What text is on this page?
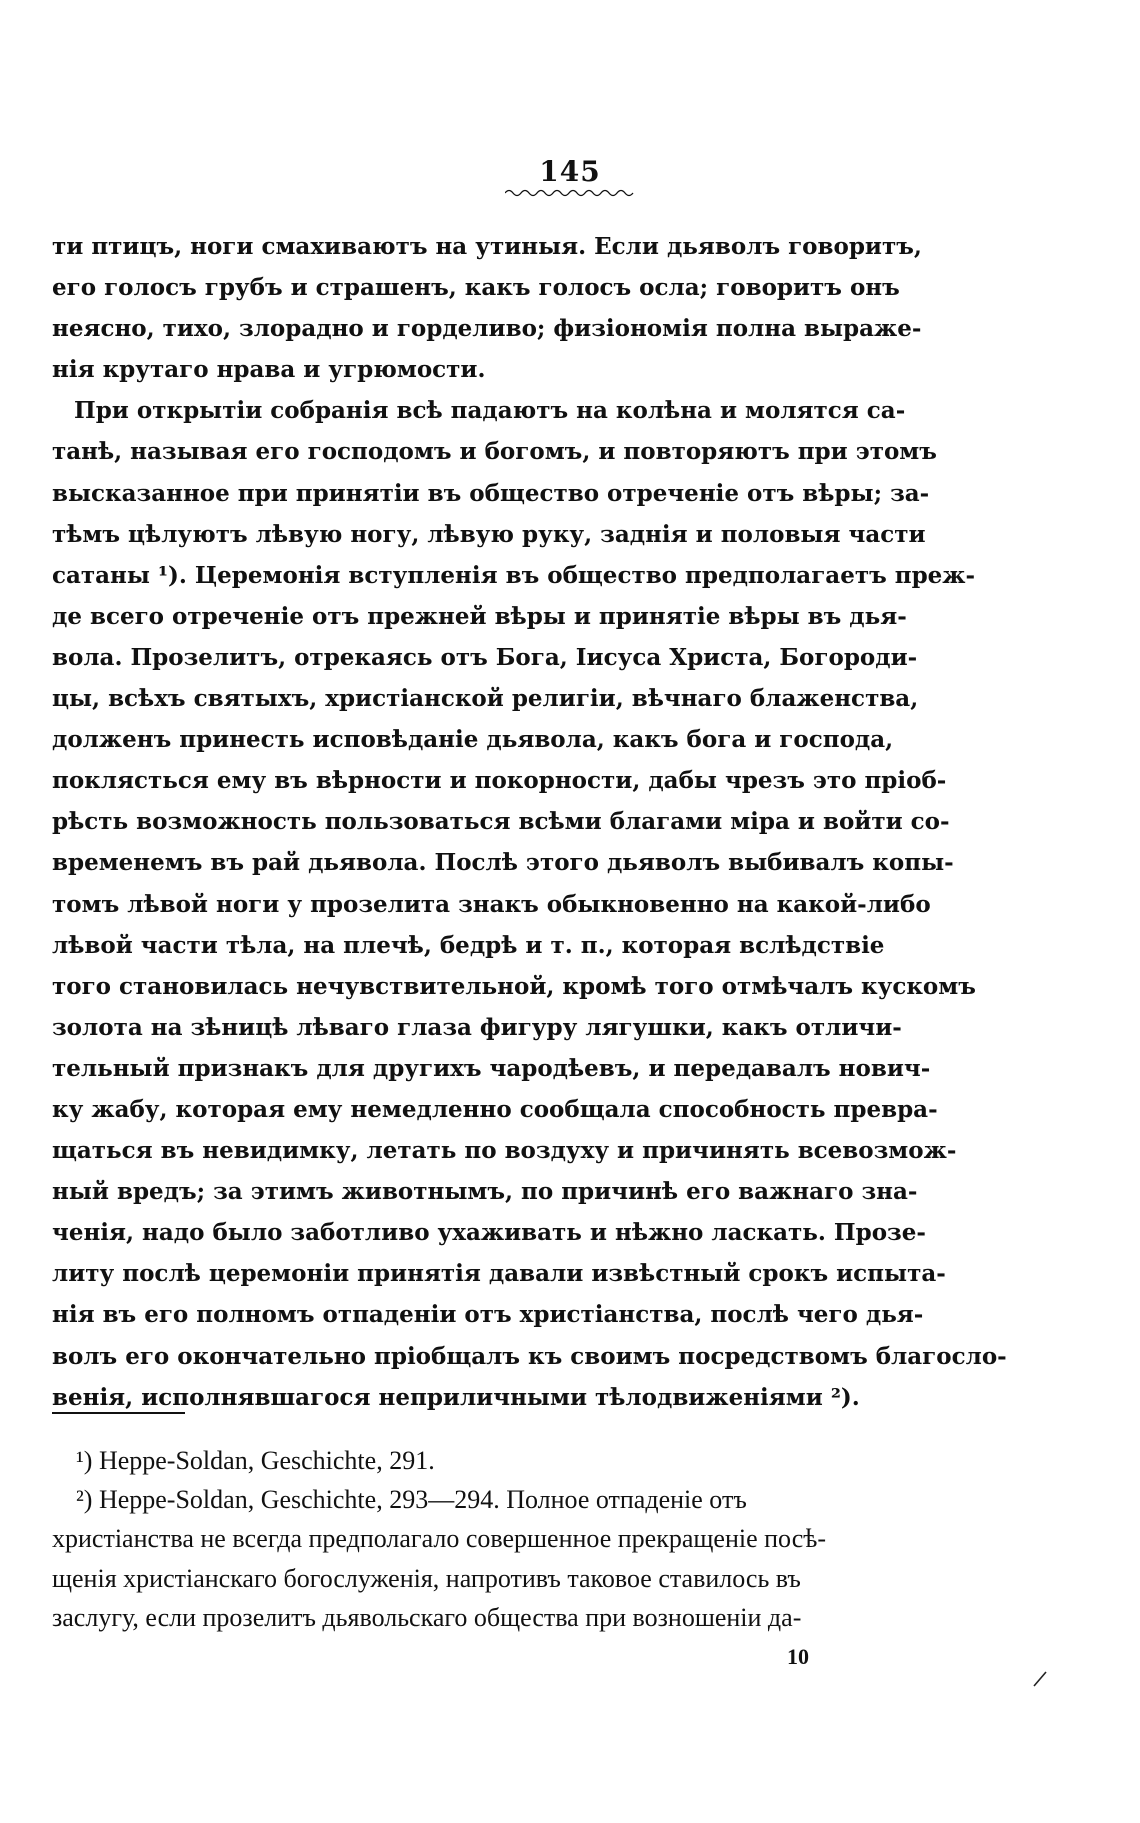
145
ти птицъ, ноги смахиваютъ на утиныя. Если дьяволъ говоритъ,
его голосъ грубъ и страшенъ, какъ голосъ осла; говоритъ онъ
неясно, тихо, злорадно и горделиво; физіономія полна выраже-
нія крутаго нрава и угрюмости.
При открытіи собранія всѣ падаютъ на колѣна и молятся са-
танѣ, называя его господомъ и богомъ, и повторяютъ при этомъ
высказанное при принятіи въ общество отреченіе отъ вѣры; за-
тѣмъ цѣлуютъ лѣвую ногу, лѣвую руку, заднія и половыя части
сатаны ¹). Церемонія вступленія въ общество предполагаетъ преж-
де всего отреченіе отъ прежней вѣры и принятіе вѣры въ дья-
вола. Прозелитъ, отрекаясь отъ Бога, Іисуса Христа, Богороди-
цы, всѣхъ святыхъ, христіанской религіи, вѣчнаго блаженства,
долженъ принесть исповѣданіе дьявола, какъ бога и господа,
поклясться ему въ вѣрности и покорности, дабы чрезъ это пріоб-
рѣсть возможность пользоваться всѣми благами міра и войти со-
временемъ въ рай дьявола. Послѣ этого дьяволъ выбивалъ копы-
томъ лѣвой ноги у прозелита знакъ обыкновенно на какой-либо
лѣвой части тѣла, на плечѣ, бедрѣ и т. п., которая вслѣдствіе
того становилась нечувствительной, кромѣ того отмѣчалъ кускомъ
золота на зѣницѣ лѣваго глаза фигуру лягушки, какъ отличи-
тельный признакъ для другихъ чародѣевъ, и передавалъ нович-
ку жабу, которая ему немедленно сообщала способность превра-
щаться въ невидимку, летать по воздуху и причинять всевозмож-
ный вредъ; за этимъ животнымъ, по причинѣ его важнаго зна-
ченія, надо было заботливо ухаживать и нѣжно ласкать. Прозе-
литу послѣ церемоніи принятія давали извѣстный срокъ испыта-
нія въ его полномъ отпаденіи отъ христіанства, послѣ чего дья-
волъ его окончательно пріобщалъ къ своимъ посредствомъ благосло-
венія, исполнявшагося неприличными тѣлодвиженіями ²).
¹) Heppe-Soldan, Geschichte, 291.
²) Heppe-Soldan, Geschichte, 293—294. Полное отпаденіе отъ
христіанства не всегда предполагало совершенное прекращеніе посѣ-
щенія христіанскаго богослуженія, напротивъ таковое ставилось въ
заслугу, если прозелитъ дьявольскаго общества при возношеніи да-
10
